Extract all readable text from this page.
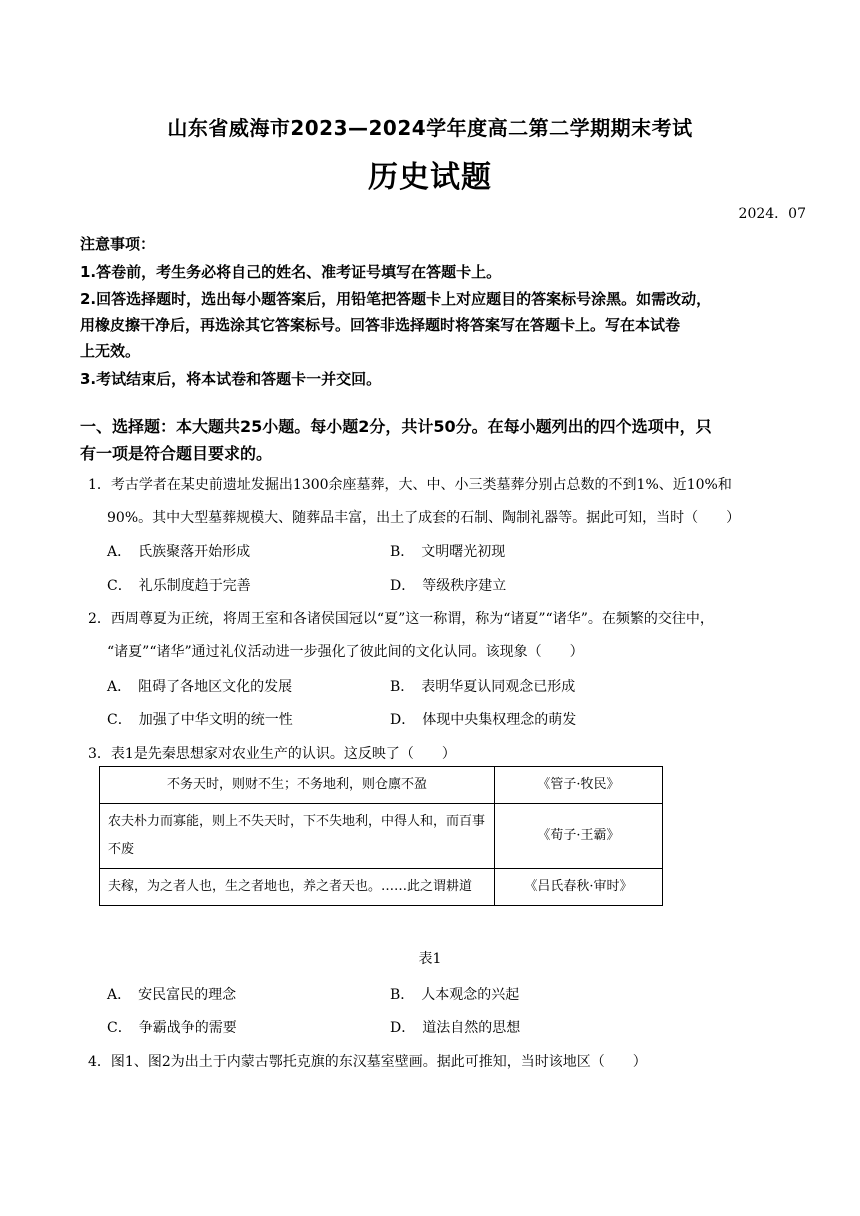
山东省威海市2023—2024学年度高二第二学期期末考试
历史试题
2024．07
注意事项：
1.答卷前，考生务必将自己的姓名、准考证号填写在答题卡上。
2.回答选择题时，选出每小题答案后，用铅笔把答题卡上对应题目的答案标号涂黑。如需改动，
用橡皮擦干净后，再选涂其它答案标号。回答非选择题时将答案写在答题卡上。写在本试卷
上无效。
3.考试结束后，将本试卷和答题卡一并交回。
一、选择题：本大题共25小题。每小题2分，共计50分。在每小题列出的四个选项中，只
有一项是符合题目要求的。
1．考古学者在某史前遗址发掘出1300余座墓葬，大、中、小三类墓葬分别占总数的不到1%、近10%和
90%。其中大型墓葬规模大、随葬品丰富，出土了成套的石制、陶制礼器等。据此可知，当时（　　）
A．　氏族聚落开始形成	B．　文明曙光初现
C．　礼乐制度趋于完善	D．　等级秩序建立
2．西周尊夏为正统，将周王室和各诸侯国冠以“夏”这一称谓，称为“诸夏”“诸华”。在频繁的交往中，
“诸夏”“诸华”通过礼仪活动进一步强化了彼此间的文化认同。该现象（　　）
A．　阻碍了各地区文化的发展	B．　表明华夏认同观念已形成
C．　加强了中华文明的统一性	D．　体现中央集权理念的萌发
3．表1是先秦思想家对农业生产的认识。这反映了（　　）
不务天时，则财不生；不务地利，则仓廪不盈	《管子·牧民》
农夫朴力而寡能，则上不失天时，下不失地利，中得人和，而百事不废	《荀子·王霸》
夫稼，为之者人也，生之者地也，养之者天也。……此之谓耕道	《吕氏春秋·审时》
表1
A．　安民富民的理念	B．　人本观念的兴起
C．　争霸战争的需要	D．　道法自然的思想
4．图1、图2为出土于内蒙古鄂托克旗的东汉墓室壁画。据此可推知，当时该地区（　　）
